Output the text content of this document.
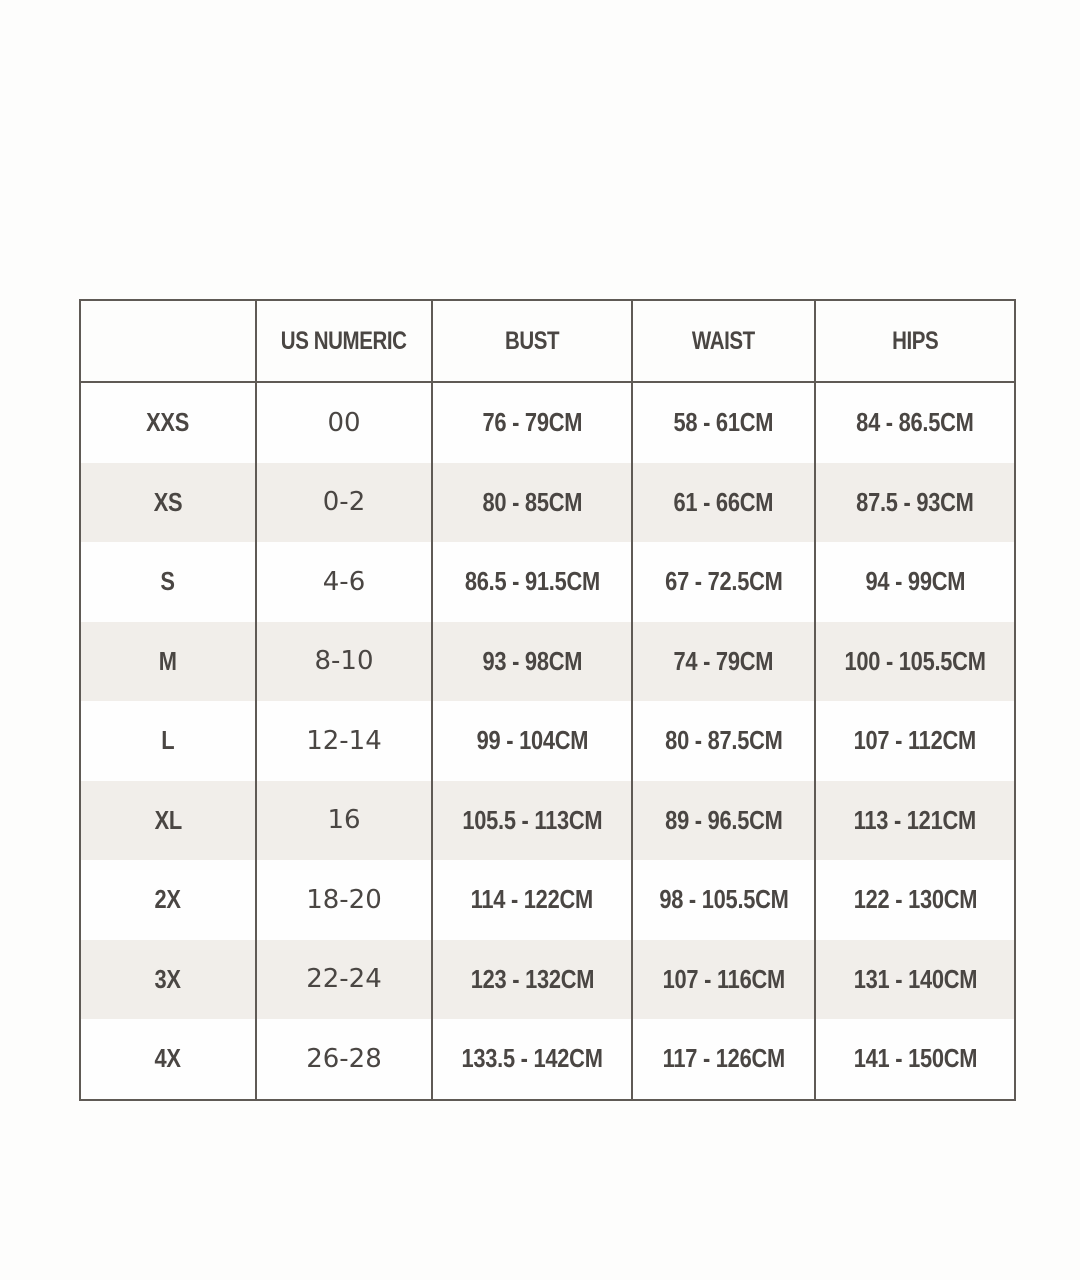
	US NUMERIC	BUST	WAIST	HIPS
XXS	00	76 - 79CM	58 - 61CM	84 - 86.5CM
XS	0-2	80 - 85CM	61 - 66CM	87.5 - 93CM
S	4-6	86.5 - 91.5CM	67 - 72.5CM	94 - 99CM
M	8-10	93 - 98CM	74 - 79CM	100 - 105.5CM
L	12-14	99 - 104CM	80 - 87.5CM	107 - 112CM
XL	16	105.5 - 113CM	89 - 96.5CM	113 - 121CM
2X	18-20	114 - 122CM	98 - 105.5CM	122 - 130CM
3X	22-24	123 - 132CM	107 - 116CM	131 - 140CM
4X	26-28	133.5 - 142CM	117 - 126CM	141 - 150CM
